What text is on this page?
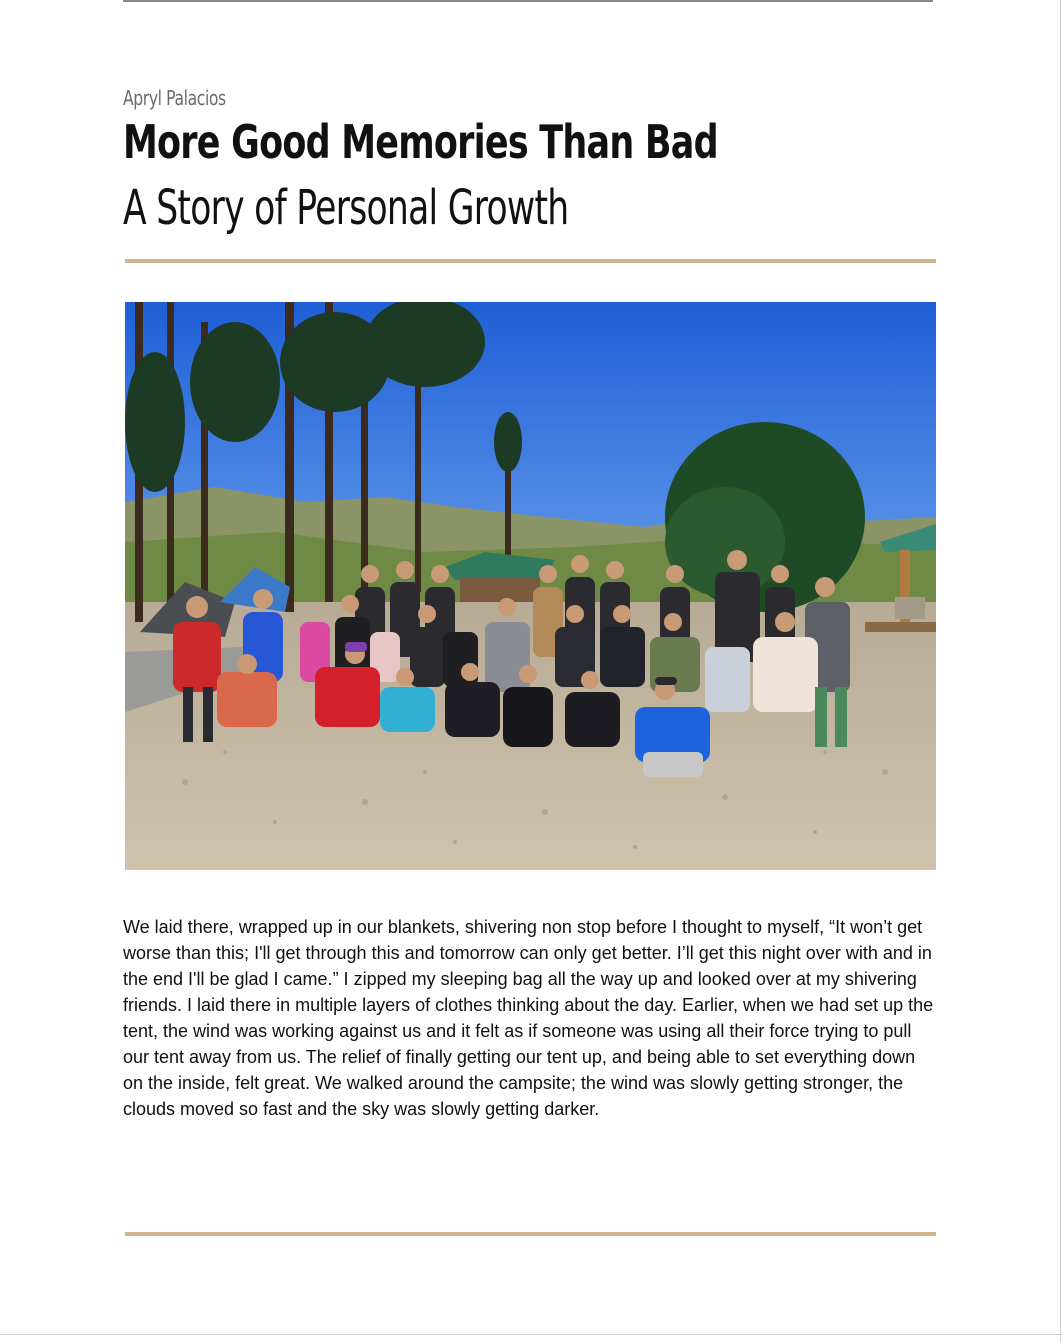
Apryl Palacios
More Good Memories Than Bad
A Story of Personal Growth

We laid there, wrapped up in our blankets, shivering non stop before I thought to myself, “It won’t get worse than this; I'll get through this and tomorrow can only get better. I’ll get this night over with and in the end I'll be glad I came.” I zipped my sleeping bag all the way up and looked over at my shivering friends. I laid there in multiple layers of clothes thinking about the day. Earlier, when we had set up the tent, the wind was working against us and it felt as if someone was using all their force trying to pull our tent away from us. The relief of finally getting our tent up, and being able to set everything down on the inside, felt great. We walked around the campsite; the wind was slowly getting stronger, the clouds moved so fast and the sky was slowly getting darker.
